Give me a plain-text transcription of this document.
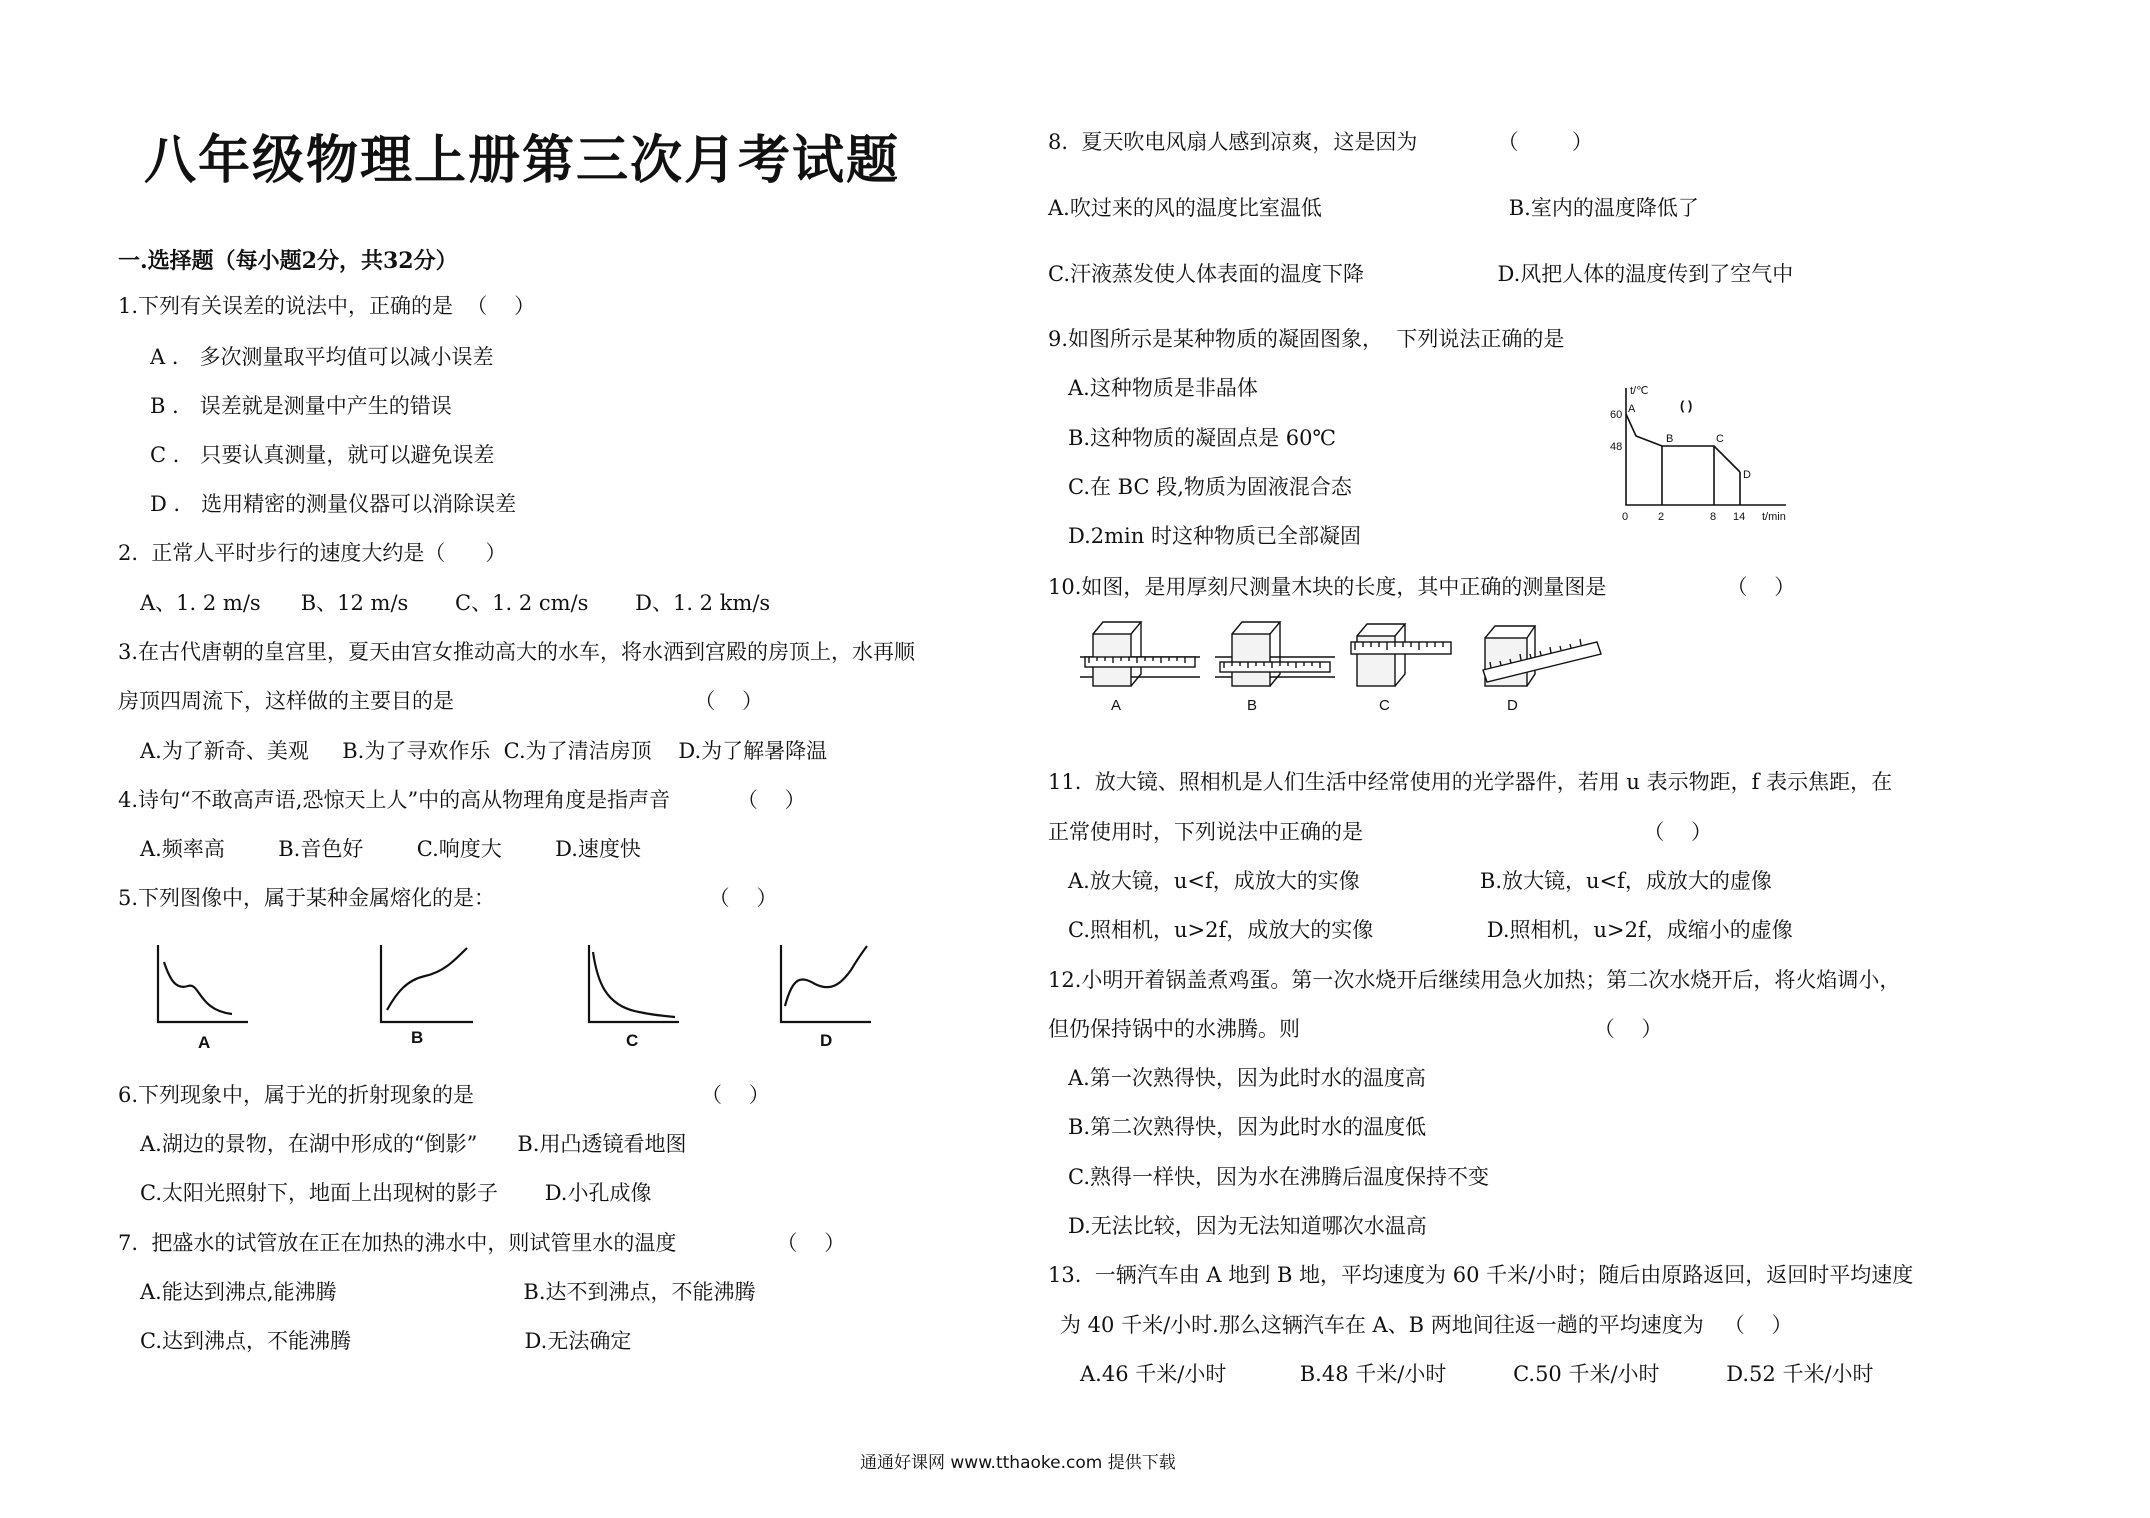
八年级物理上册第三次月考试题
一.选择题（每小题2分，共32分）
1.下列有关误差的说法中，正确的是  （    ）
A ． 多次测量取平均值可以减小误差
B ． 误差就是测量中产生的错误
C ． 只要认真测量，就可以避免误差
D ． 选用精密的测量仪器可以消除误差
2.  正常人平时步行的速度大约是（      ）
A、1. 2 m/s      B、12 m/s       C、1. 2 cm/s       D、1. 2 km/s
3.在古代唐朝的皇宫里，夏天由宫女推动高大的水车，将水洒到宫殿的房顶上，水再顺
房顶四周流下，这样做的主要目的是                                    （    ）
A.为了新奇、美观     B.为了寻欢作乐  C.为了清洁房顶    D.为了解暑降温
4.诗句“不敢高声语,恐惊天上人”中的高从物理角度是指声音          （    ）
A.频率高        B.音色好        C.响度大        D.速度快
5.下列图像中，属于某种金属熔化的是：                                （    ）
A	B	C	D
6.下列现象中，属于光的折射现象的是                                  （    ）
A.湖边的景物，在湖中形成的“倒影”      B.用凸透镜看地图
C.太阳光照射下，地面上出现树的影子       D.小孔成像
7.  把盛水的试管放在正在加热的沸水中，则试管里水的温度               （    ）
A.能达到沸点,能沸腾                            B.达不到沸点，不能沸腾
C.达到沸点，不能沸腾                          D.无法确定
8.  夏天吹电风扇人感到凉爽，这是因为            （        ）
A.吹过来的风的温度比室温低                            B.室内的温度降低了
C.汗液蒸发使人体表面的温度下降                    D.风把人体的温度传到了空气中
9.如图所示是某种物质的凝固图象，  下列说法正确的是
A.这种物质是非晶体
B.这种物质的凝固点是 60℃
C.在 BC 段,物质为固液混合态
D.2min 时这种物质已全部凝固
t/℃
t/min
60
48
0	2	8 14
A
B	C
D
( )
10.如图，是用厚刻尺测量木块的长度，其中正确的测量图是                  （    ）
A	B	C	D
11.  放大镜、照相机是人们生活中经常使用的光学器件，若用 u 表示物距，f 表示焦距，在
正常使用时，下列说法中正确的是                                          （    ）
A.放大镜，u<f，成放大的实像                  B.放大镜，u<f，成放大的虚像
C.照相机，u>2f，成放大的实像                 D.照相机，u>2f，成缩小的虚像
12.小明开着锅盖煮鸡蛋。第一次水烧开后继续用急火加热；第二次水烧开后，将火焰调小，
但仍保持锅中的水沸腾。则                                            （    ）
A.第一次熟得快，因为此时水的温度高
B.第二次熟得快，因为此时水的温度低
C.熟得一样快，因为水在沸腾后温度保持不变
D.无法比较，因为无法知道哪次水温高
13.  一辆汽车由 A 地到 B 地，平均速度为 60 千米/小时；随后由原路返回，返回时平均速度
为 40 千米/小时.那么这辆汽车在 A、B 两地间往返一趟的平均速度为   （    ）
A.46 千米/小时           B.48 千米/小时          C.50 千米/小时          D.52 千米/小时
通通好课网 www.tthaoke.com 提供下载
